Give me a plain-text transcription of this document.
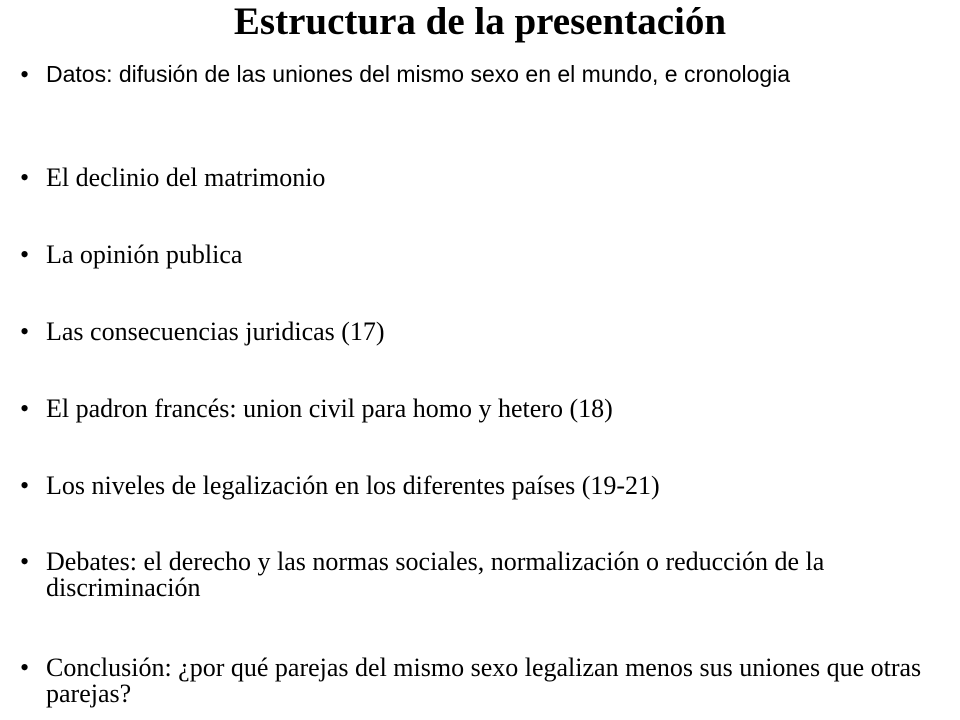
Estructura de la presentación
• Datos: difusión de las uniones del mismo sexo en el mundo, e cronologia
• El declinio del matrimonio
• La opinión publica
• Las consecuencias juridicas (17)
• El padron francés: union civil para homo y hetero (18)
• Los niveles de legalización en los diferentes países (19-21)
• Debates: el derecho y las normas sociales, normalización o reducción de la discriminación
• Conclusión: ¿por qué parejas del mismo sexo legalizan menos sus uniones que otras parejas?
